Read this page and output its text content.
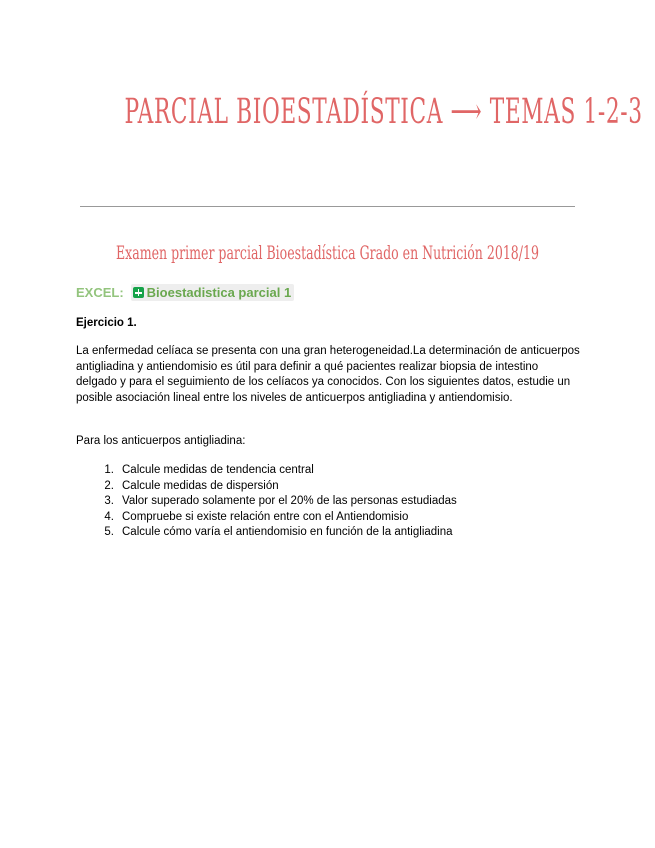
PARCIAL BIOESTADÍSTICA ⟶ TEMAS 1-2-3
Examen primer parcial Bioestadística Grado en Nutrición 2018/19
EXCEL: Bioestadistica parcial 1

Ejercicio 1.

La enfermedad celíaca se presenta con una gran heterogeneidad.La determinación de anticuerpos antigliadina y antiendomisio es útil para definir a qué pacientes realizar biopsia de intestino delgado y para el seguimiento de los celíacos ya conocidos. Con los siguientes datos, estudie un posible asociación lineal entre los niveles de anticuerpos antigliadina y antiendomisio.

Para los anticuerpos antigliadina:

1. Calcule medidas de tendencia central
2. Calcule medidas de dispersión
3. Valor superado solamente por el 20% de las personas estudiadas
4. Compruebe si existe relación entre con el Antiendomisio
5. Calcule cómo varía el antiendomisio en función de la antigliadina
